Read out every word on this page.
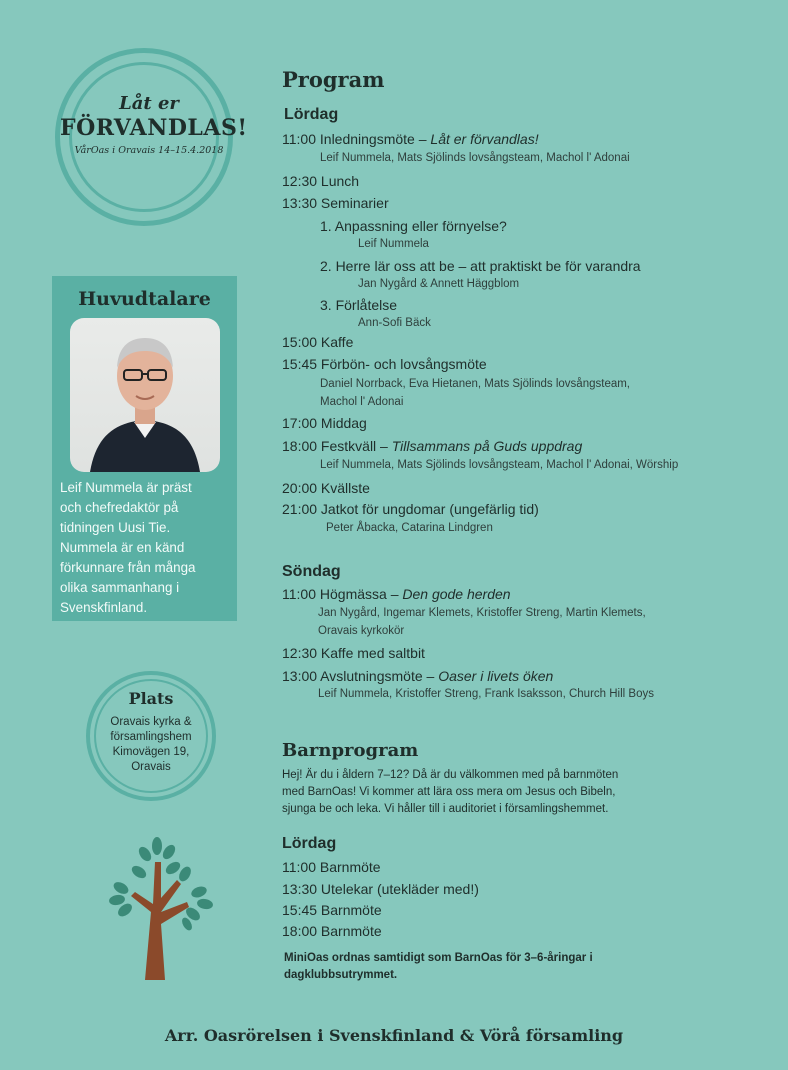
Låt er
FÖRVANDLAS!
VårOas i Oravais 14–15.4.2018
Huvudtalare
Leif Nummela är präst
och chefredaktör på
tidningen Uusi Tie.
Nummela är en känd
förkunnare från många
olika sammanhang i
Svenskfinland.
Plats
Oravais kyrka &
församlingshem
Kimovägen 19,
Oravais
Program
Lördag
11:00 Inledningsmöte – Låt er förvandlas!
Leif Nummela, Mats Sjölinds lovsångsteam, Machol l' Adonai
12:30 Lunch
13:30 Seminarier
1. Anpassning eller förnyelse?
Leif Nummela
2. Herre lär oss att be – att praktiskt be för varandra
Jan Nygård & Annett Häggblom
3. Förlåtelse
Ann-Sofi Bäck
15:00 Kaffe
15:45 Förbön- och lovsångsmöte
Daniel Norrback, Eva Hietanen, Mats Sjölinds lovsångsteam,
Machol l' Adonai
17:00 Middag
18:00 Festkväll – Tillsammans på Guds uppdrag
Leif Nummela, Mats Sjölinds lovsångsteam, Machol l' Adonai, Wörship
20:00 Kvällste
21:00 Jatkot för ungdomar (ungefärlig tid)
Peter Åbacka, Catarina Lindgren
Söndag
11:00 Högmässa – Den gode herden
Jan Nygård, Ingemar Klemets, Kristoffer Streng, Martin Klemets,
Oravais kyrkokör
12:30 Kaffe med saltbit
13:00 Avslutningsmöte – Oaser i livets öken
Leif Nummela, Kristoffer Streng, Frank Isaksson, Church Hill Boys
Barnprogram
Hej! Är du i åldern 7–12? Då är du välkommen med på barnmöten
med BarnOas! Vi kommer att lära oss mera om Jesus och Bibeln,
sjunga be och leka. Vi håller till i auditoriet i församlingshemmet.
Lördag
11:00 Barnmöte
13:30 Utelekar (utekläder med!)
15:45 Barnmöte
18:00 Barnmöte
MiniOas ordnas samtidigt som BarnOas för 3–6-åringar i
dagklubbsutrymmet.
Arr. Oasrörelsen i Svenskfinland & Vörå församling
